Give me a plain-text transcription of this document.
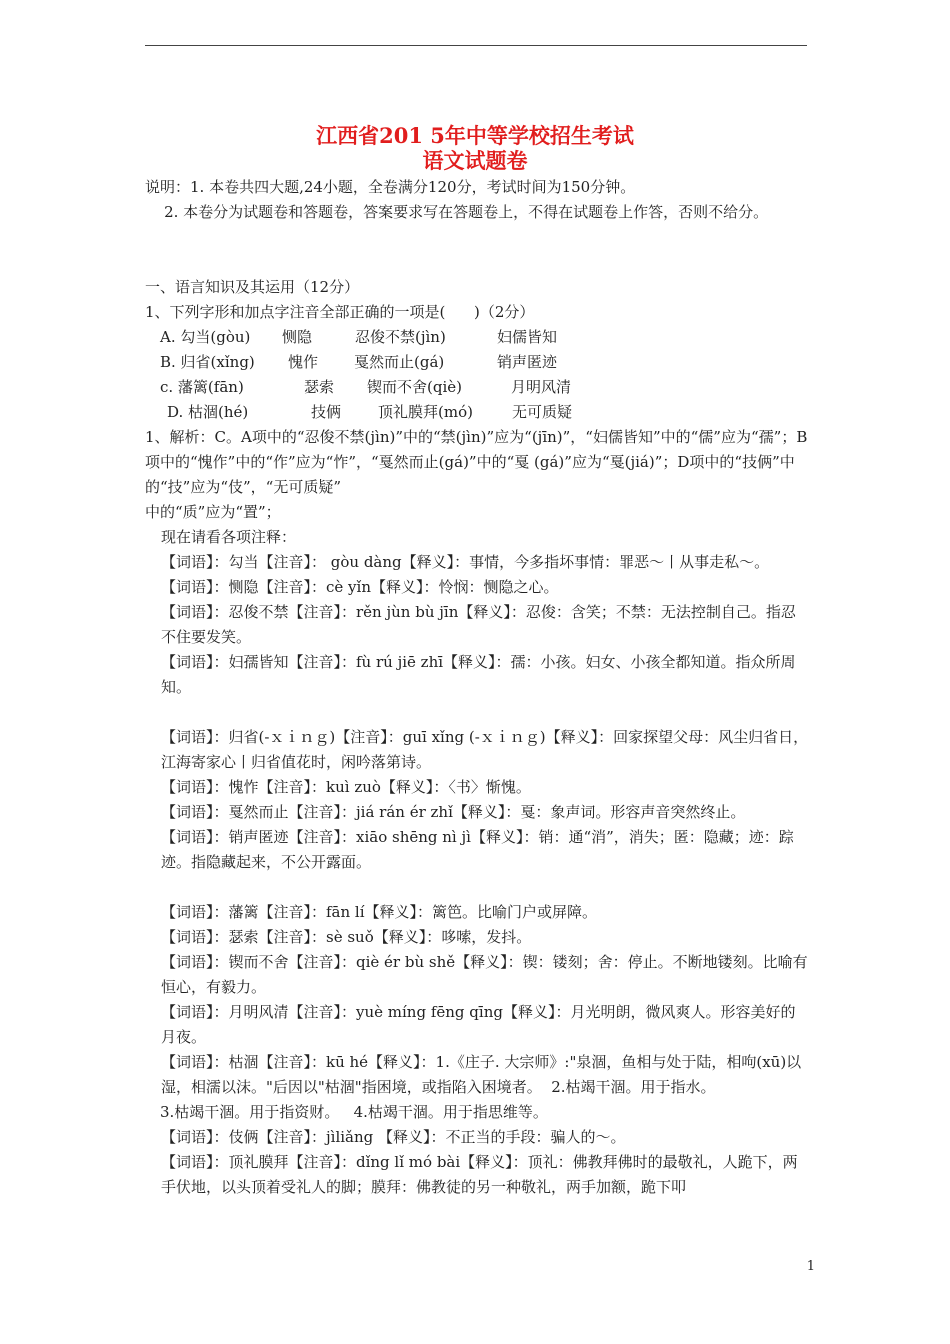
江西省201 5年中等学校招生考试
语文试题卷

说明：1. 本卷共四大题,24小题，全卷满分120分，考试时间为150分钟。

2. 本卷分为试题卷和答题卷，答案要求写在答题卷上，不得在试题卷上作答，否则不给分。

一、语言知识及其运用（12分）

1、下列字形和加点字注音全部正确的一项是(      )（2分）

A. 勾当(gòu)	恻隐	忍俊不禁(jìn)	妇儒皆知
B. 归省(xǐng)	愧作	戛然而止(gá)	销声匿迹
c. 藩篱(fān)	瑟索	锲而不舍(qiè)	月明风清
D. 枯涸(hé)	技俩	顶礼膜拜(mó)	无可质疑

1、解析：C。A项中的“忍俊不禁(jìn)”中的“禁(jìn)”应为“(jīn)”，“妇儒皆知”中的“儒”应为“孺”；B项中的“愧作”中的“作”应为“怍”，“戛然而止(gá)”中的“戛 (gá)”应为“戛(jiá)”；D项中的“技俩”中的“技”应为“伎”，“无可质疑”

中的“质”应为“置”；

现在请看各项注释：

【词语】：勾当【注音】： gòu dàng【释义】：事情，今多指坏事情：罪恶～丨从事走私～。

【词语】：恻隐【注音】：cè yǐn【释义】：怜悯：恻隐之心。

【词语】：忍俊不禁【注音】：rěn jùn bù jīn【释义】：忍俊：含笑；不禁：无法控制自己。指忍不住要发笑。

【词语】：妇孺皆知【注音】：fù rú jiē zhī【释义】：孺：小孩。妇女、小孩全都知道。指众所周知。

【词语】：归省(-ｘｉｎｇ)【注音】：guī xǐng (-ｘｉｎｇ)【释义】：回家探望父母：风尘归省日，江海寄家心丨归省值花时，闲吟落第诗。

【词语】：愧怍【注音】：kuì zuò【释义】：〈书〉惭愧。

【词语】：戛然而止【注音】：jiá rán ér zhǐ【释义】：戛：象声词。形容声音突然终止。

【词语】：销声匿迹【注音】：xiāo shēng nì jì【释义】：销：通“消”，消失；匿：隐藏；迹：踪迹。指隐藏起来，不公开露面。

【词语】：藩篱【注音】：fān lí【释义】：篱笆。比喻门户或屏障。

【词语】：瑟索【注音】：sè suǒ【释义】：哆嗦，发抖。

【词语】：锲而不舍【注音】：qiè ér bù shě【释义】：锲：镂刻；舍：停止。不断地镂刻。比喻有恒心，有毅力。

【词语】：月明风清【注音】：yuè míng fēng qīng【释义】：月光明朗，微风爽人。形容美好的月夜。

【词语】：枯涸【注音】：kū hé【释义】：1.《庄子. 大宗师》:"泉涸，鱼相与处于陆，相呴(xū)以湿，相濡以沫。"后因以"枯涸"指困境，或指陷入困境者。  2.枯竭干涸。用于指水。

3.枯竭干涸。用于指资财。   4.枯竭干涸。用于指思维等。

【词语】：伎俩【注音】：jìliǎng 【释义】：不正当的手段：骗人的～。

【词语】：顶礼膜拜【注音】：dǐng lǐ mó bài【释义】：顶礼：佛教拜佛时的最敬礼，人跪下，两手伏地，以头顶着受礼人的脚；膜拜：佛教徒的另一种敬礼，两手加额，跪下叩

1
